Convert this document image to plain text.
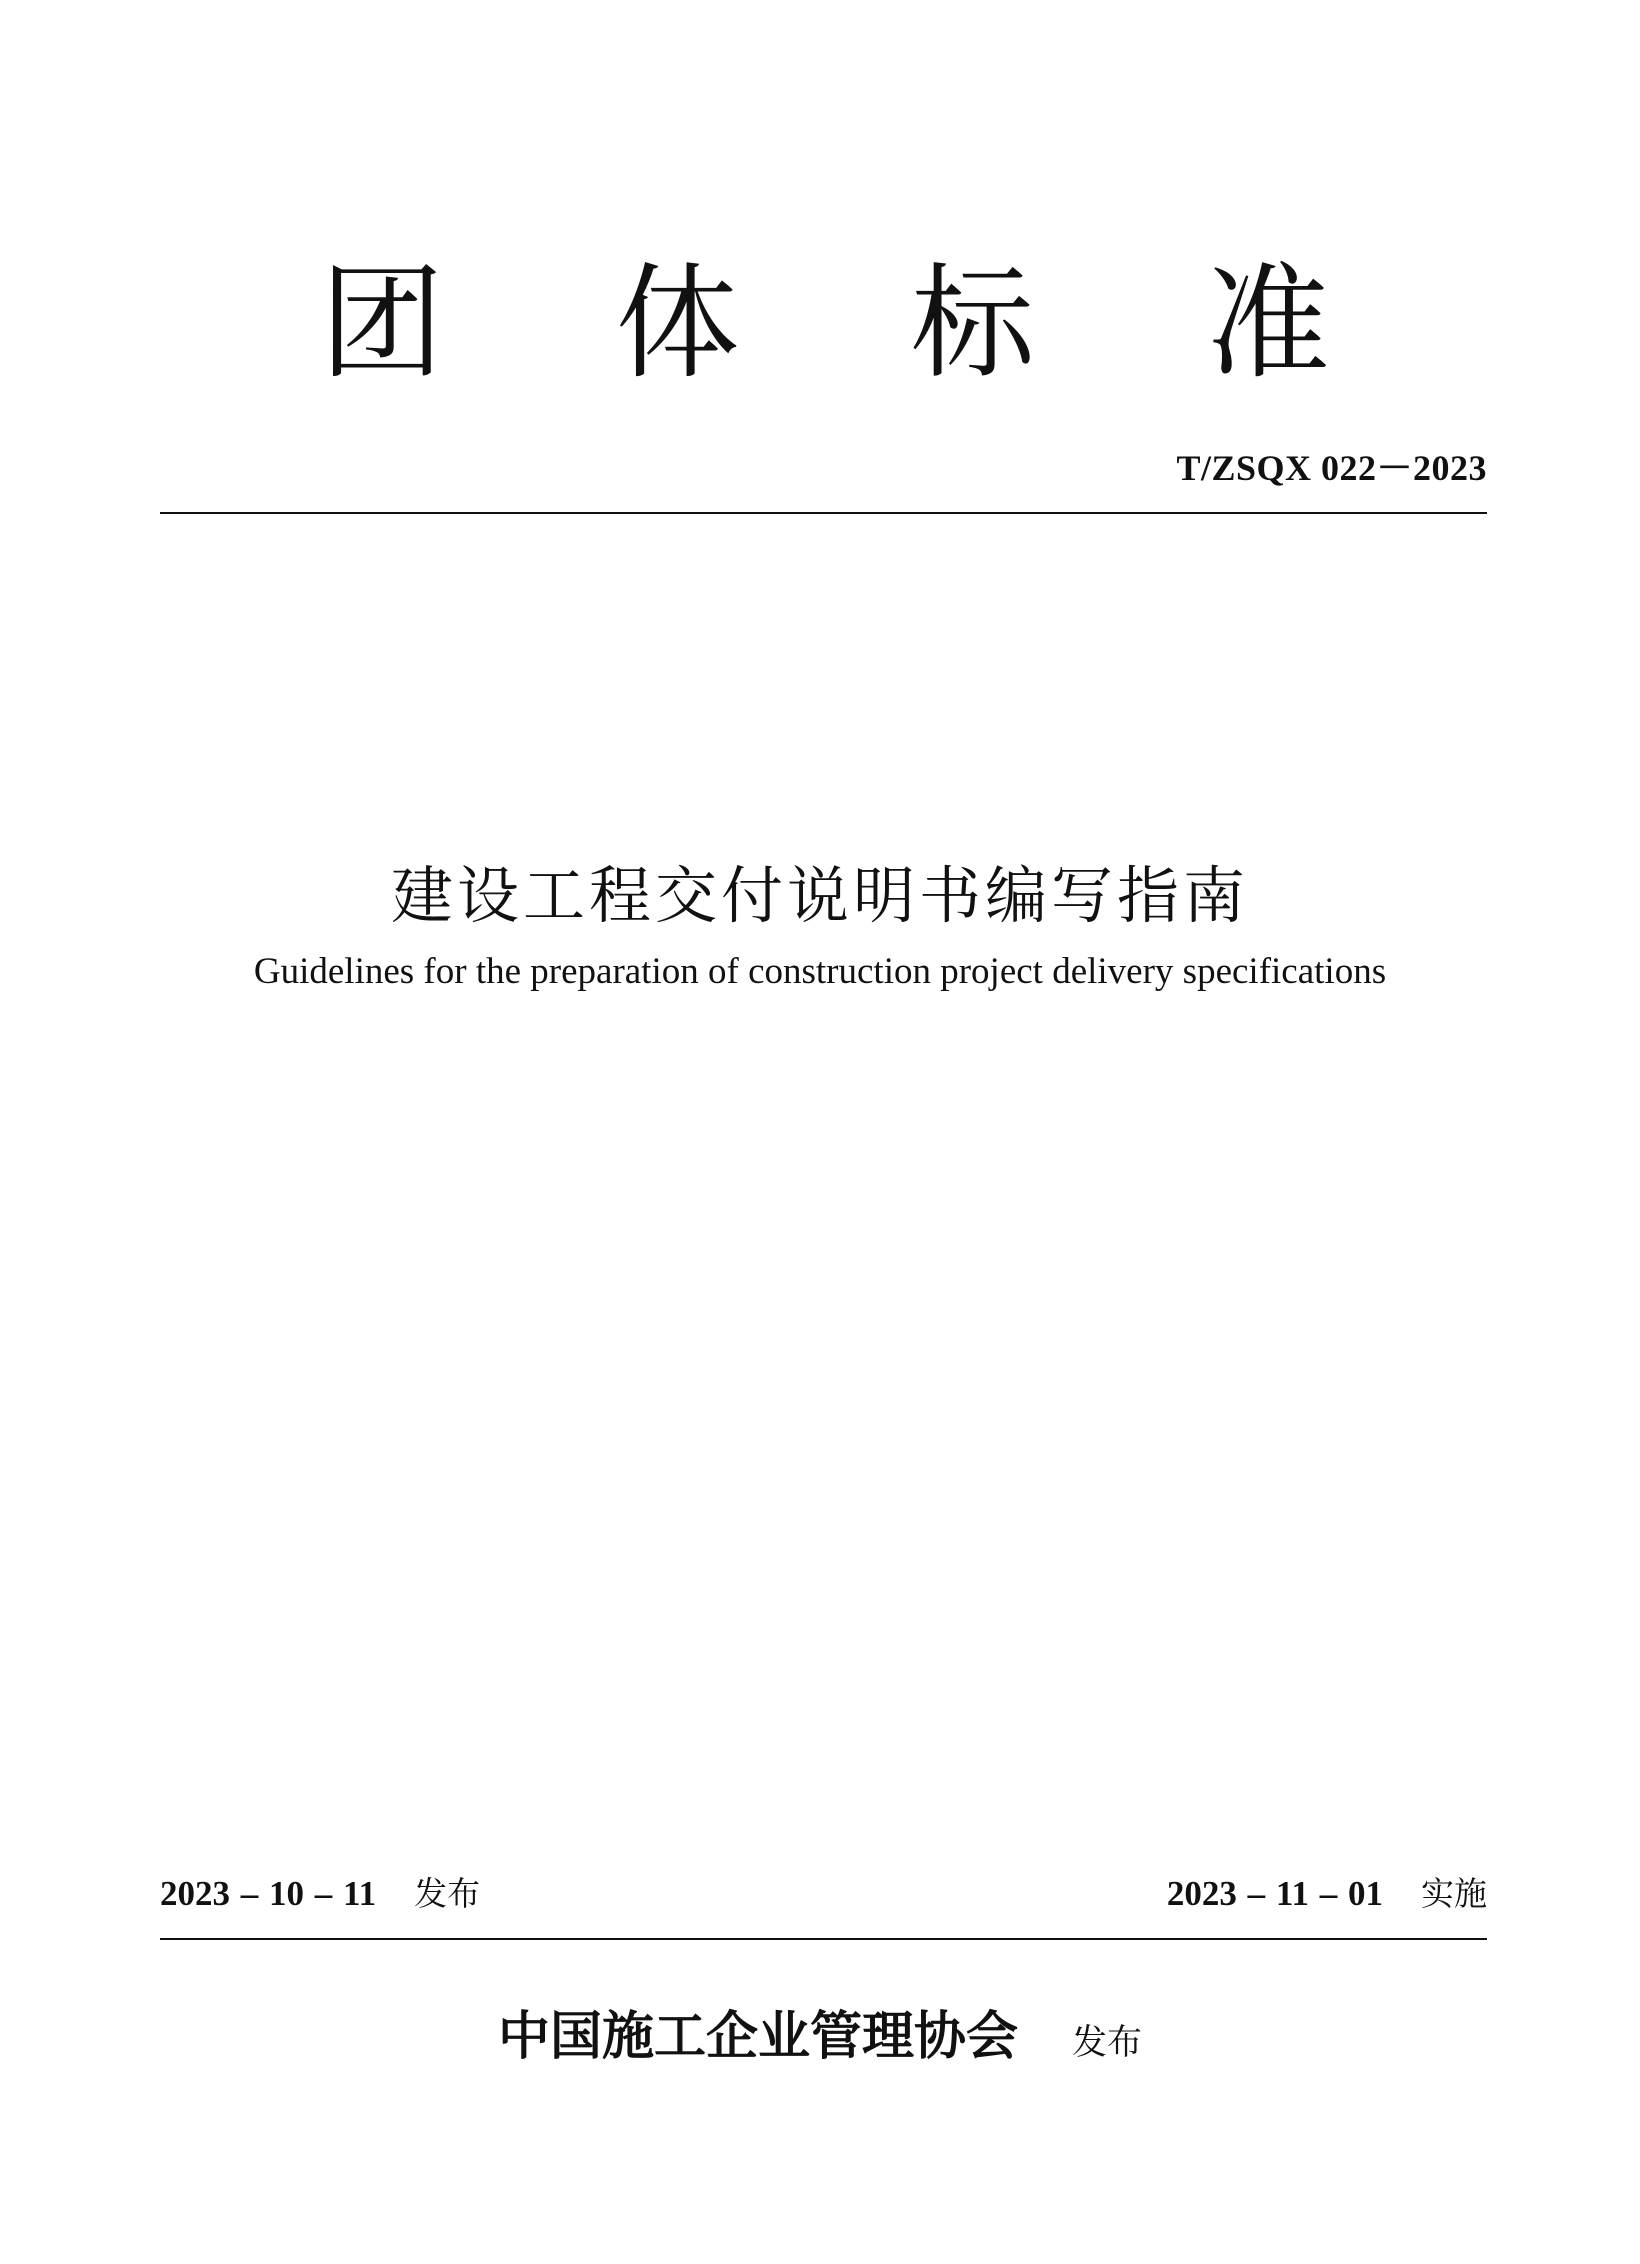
团 体 标 准
T/ZSQX 022－2023
建设工程交付说明书编写指南
Guidelines for the preparation of construction project delivery specifications
2023 – 10 – 11 发布	2023 – 11 – 01 实施
中国施工企业管理协会 发布
